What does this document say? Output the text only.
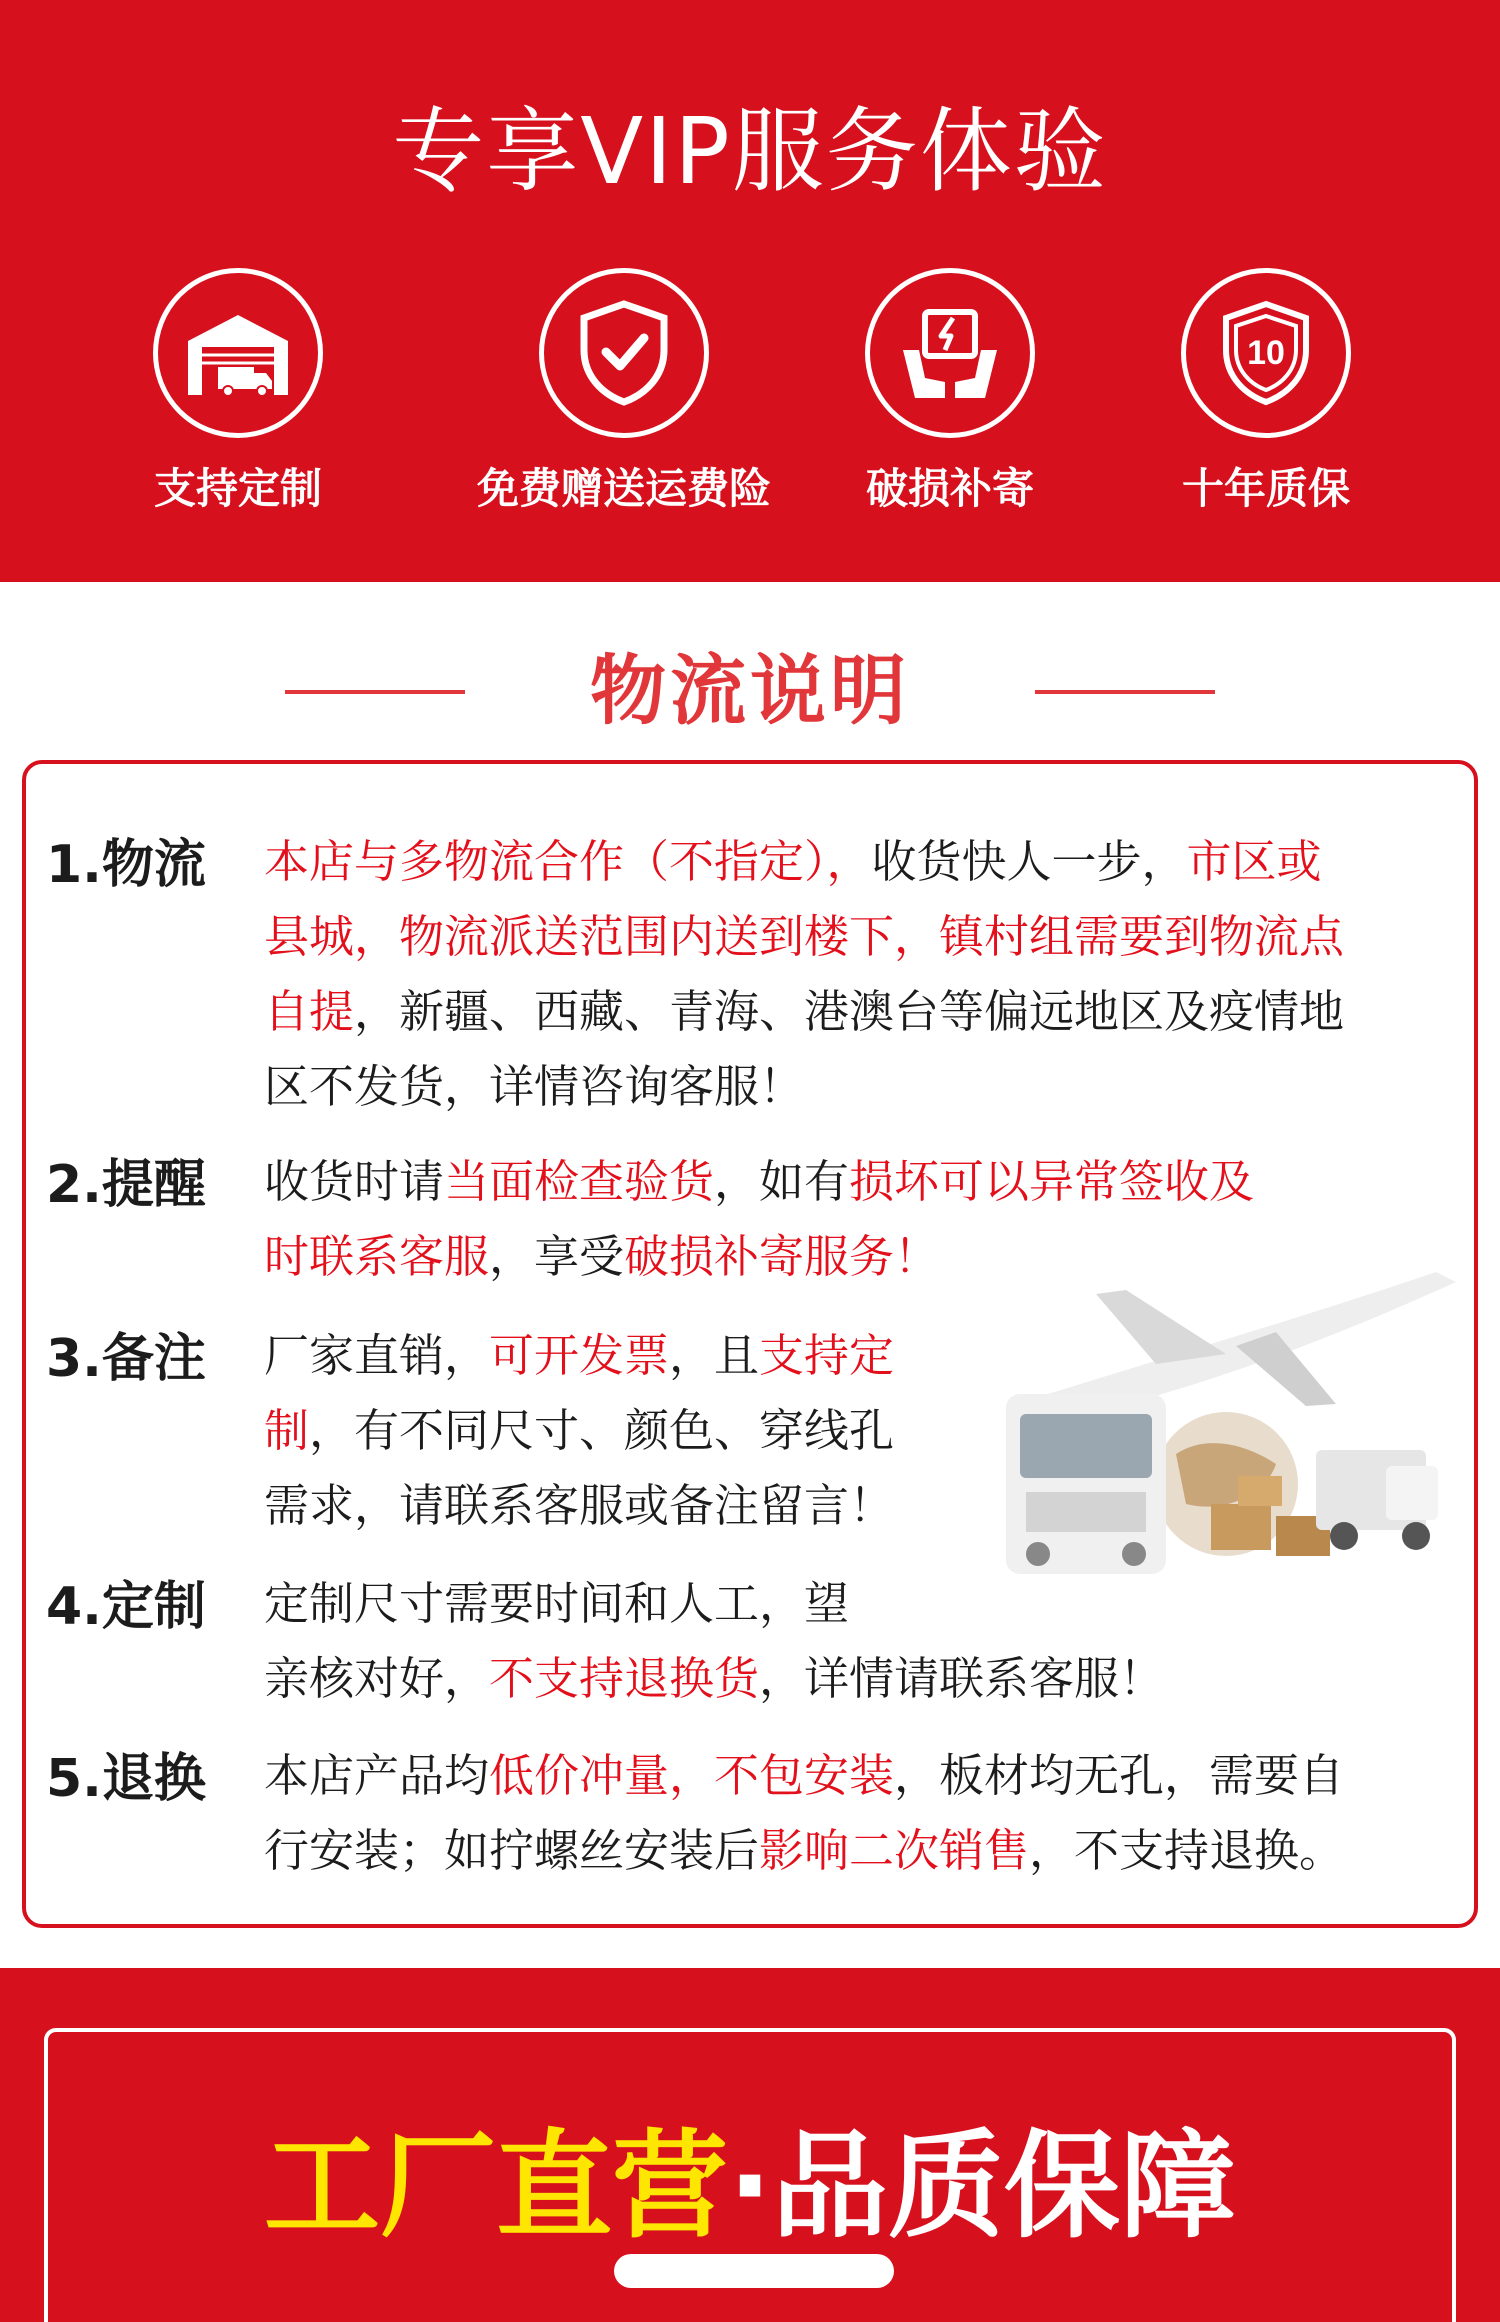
专享VIP服务体验
支持定制	免费赠送运费险	破损补寄
10
十年质保
物流说明
1.物流 本店与多物流合作（不指定），收货快人一步，市区或
县城，物流派送范围内送到楼下，镇村组需要到物流点
自提，新疆、西藏、青海、港澳台等偏远地区及疫情地
区不发货，详情咨询客服！
2.提醒 收货时请当面检查验货，如有损坏可以异常签收及
时联系客服，享受破损补寄服务！
3.备注 厂家直销，可开发票，且支持定
制，有不同尺寸、颜色、穿线孔
需求，请联系客服或备注留言！
4.定制 定制尺寸需要时间和人工，望
亲核对好，不支持退换货，详情请联系客服！
5.退换 本店产品均低价冲量，不包安装，板材均无孔，需要自
行安装；如拧螺丝安装后影响二次销售，不支持退换。
工厂直营·品质保障
